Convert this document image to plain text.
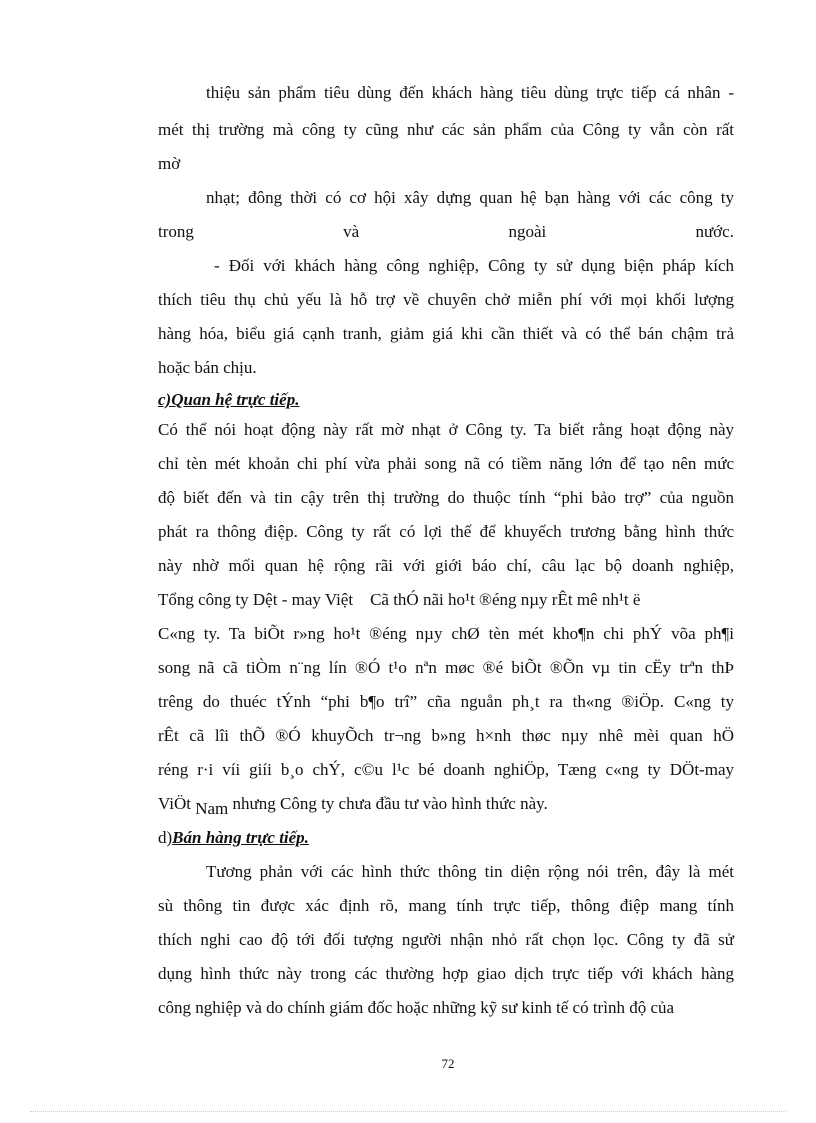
thiệu sản phẩm tiêu dùng đến khách hàng tiêu dùng trực tiếp cá nhân -
mét thị trường mà công ty cũng như các sản phẩm của Công ty vẫn còn rất
mờ
nhạt; đông thời có cơ hội xây dựng quan hệ bạn hàng với các công ty
trong	và	ngoài	nước.
- Đối với khách hàng công nghiệp, Công ty sử dụng biện pháp kích
thích tiêu thụ chủ yếu là hỗ trợ về chuyên chở miễn phí với mọi khối lượng
hàng hóa, biểu giá cạnh tranh, giảm giá khi cần thiết và có thể bán chậm trả
hoặc bán chịu.
c)Quan hệ trực tiếp.
Có thể nói hoạt động này rất mờ nhạt ở Công ty. Ta biết rằng hoạt động này
chỉ tèn mét khoản chi phí vừa phải song nã có tiềm năng lớn để tạo nên mức
độ biết đến và tin cậy trên thị trường do thuộc tính “phi bảo trợ” của nguồn
phát ra thông điệp. Công ty rất có lợi thế để khuyếch trương bằng hình thức
này nhờ mối quan hệ rộng rãi với giới báo chí, câu lạc bộ doanh nghiệp,
Tổng công ty Dệt - may Việt    Cã thÓ nãi ho¹t ®éng nµy rÊt mê nh¹t ë
C«ng ty. Ta biÕt r»ng ho¹t ®éng nµy chØ tèn mét kho¶n chi phÝ võa ph¶i
song nã cã tiÒm n¨ng lín ®Ó t¹o nªn møc ®é biÕt ®Õn vµ tin cËy trªn thÞ
trêng do thuéc tÝnh “phi b¶o trî” cña nguån ph¸t ra th«ng ®iÖp. C«ng ty
rÊt cã lîi thÕ ®Ó khuyÕch tr¬ng b»ng h×nh thøc nµy nhê mèi quan hÖ
réng r·i víi giíi b¸o chÝ, c©u l¹c bé doanh nghiÖp, Tæng c«ng ty DÖt-may
ViÖt Nam nhưng Công ty chưa đầu tư vào hình thức này.
d)Bán hàng trực tiếp.
Tương phản với các hình thức thông tin diện rộng nói trên, đây là mét
sù thông tin được xác định rõ, mang tính trực tiếp, thông điệp mang tính
thích nghi cao độ tới đối tượng người nhận nhỏ rất chọn lọc. Công ty đã sử
dụng hình thức này trong các thường hợp giao dịch trực tiếp với khách hàng
công nghiệp và do chính giám đốc hoặc những kỹ sư kinh tế có trình độ của
72
